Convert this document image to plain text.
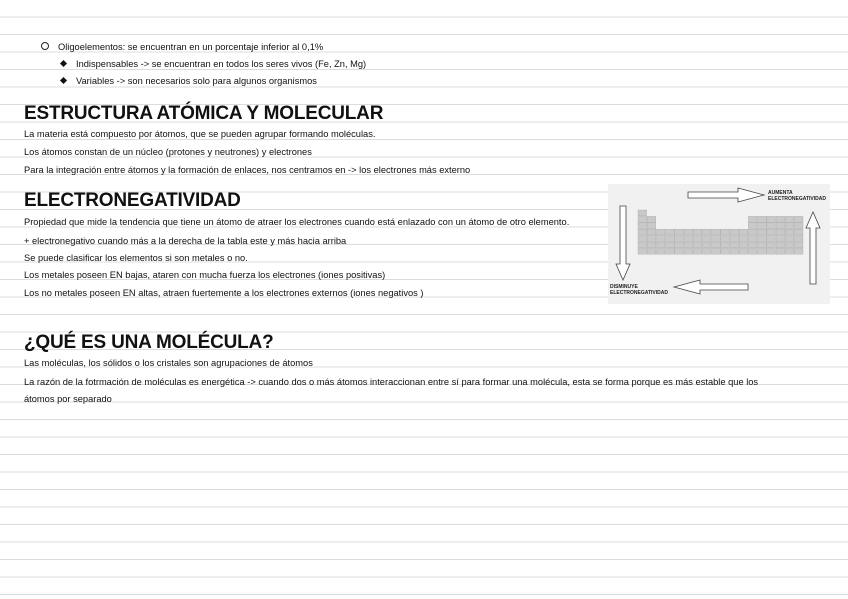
Oligoelementos: se encuentran en un porcentaje inferior al 0,1%
Indispensables -> se encuentran en todos los seres vivos (Fe, Zn, Mg)
Variables -> son necesarios solo para algunos organismos
ESTRUCTURA ATÓMICA Y MOLECULAR
La materia está compuesto por átomos, que se pueden agrupar formando moléculas.
Los átomos constan de un núcleo (protones y neutrones) y electrones
Para la integración entre átomos y la formación de enlaces, nos centramos en -> los electrones más externo
ELECTRONEGATIVIDAD
Propiedad que mide la tendencia que tiene un átomo de atraer los electrones cuando está enlazado con un átomo de otro elemento.
+ electronegativo cuando más a la derecha de la tabla este y más hacia arriba
Se puede clasificar los elementos si son metales o no.
Los metales poseen EN bajas, ataren con mucha fuerza los electrones (iones positivas)
Los no metales poseen EN altas, atraen fuertemente a los electrones externos (iones negativos )
AUMENTA
ELECTRONEGATIVIDAD
DISMINUYE
ELECTRONEGATIVIDAD
¿QUÉ ES UNA MOLÉCULA?
Las moléculas, los sólidos o los cristales son agrupaciones de átomos
La razón de la fotrmación de moléculas es energética -> cuando dos o más átomos interaccionan entre sí para formar una molécula, esta se forma porque es más estable que los
átomos por separado
